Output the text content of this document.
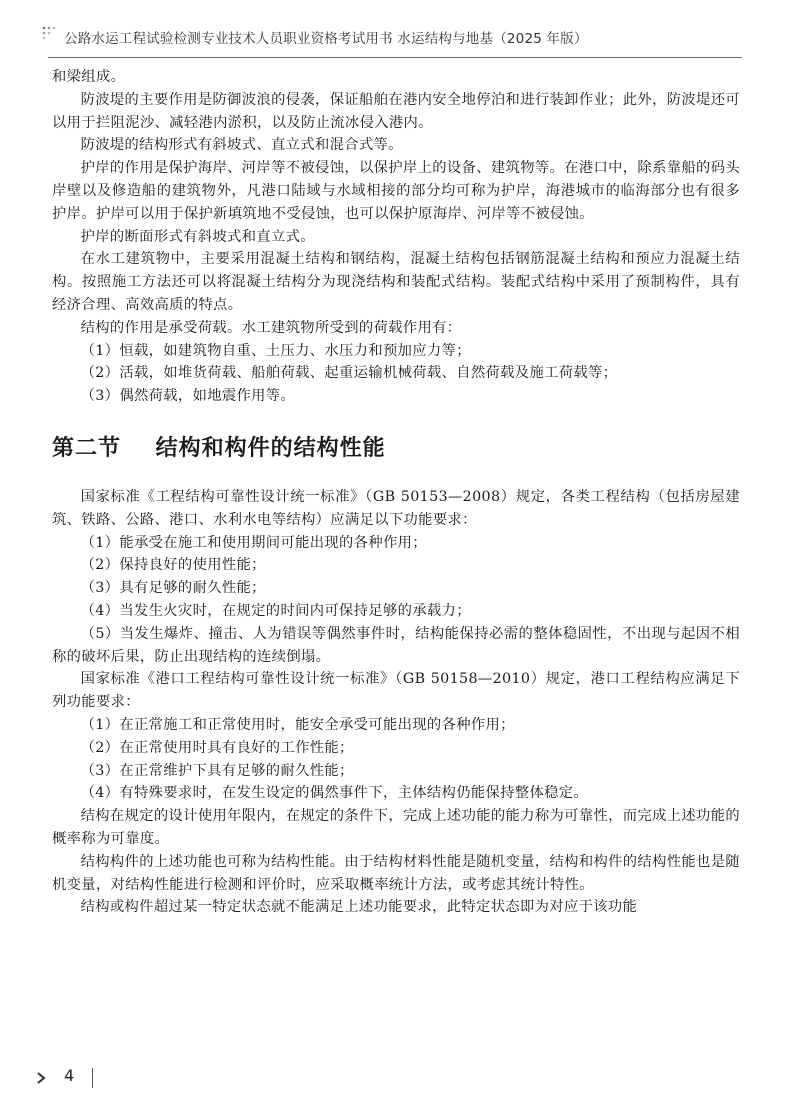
公路水运工程试验检测专业技术人员职业资格考试用书 水运结构与地基（2025 年版）

和梁组成。

防波堤的主要作用是防御波浪的侵袭，保证船舶在港内安全地停泊和进行装卸作业；此外，防波堤还可以用于拦阻泥沙、减轻港内淤积，以及防止流冰侵入港内。

防波堤的结构形式有斜坡式、直立式和混合式等。

护岸的作用是保护海岸、河岸等不被侵蚀，以保护岸上的设备、建筑物等。在港口中，除系靠船的码头岸壁以及修造船的建筑物外，凡港口陆域与水域相接的部分均可称为护岸，海港城市的临海部分也有很多护岸。护岸可以用于保护新填筑地不受侵蚀，也可以保护原海岸、河岸等不被侵蚀。

护岸的断面形式有斜坡式和直立式。

在水工建筑物中，主要采用混凝土结构和钢结构，混凝土结构包括钢筋混凝土结构和预应力混凝土结构。按照施工方法还可以将混凝土结构分为现浇结构和装配式结构。装配式结构中采用了预制构件，具有经济合理、高效高质的特点。

结构的作用是承受荷载。水工建筑物所受到的荷载作用有：

（1）恒载，如建筑物自重、土压力、水压力和预加应力等；

（2）活载，如堆货荷载、船舶荷载、起重运输机械荷载、自然荷载及施工荷载等；

（3）偶然荷载，如地震作用等。

第二节    结构和构件的结构性能

国家标准《工程结构可靠性设计统一标准》（GB 50153—2008）规定，各类工程结构（包括房屋建筑、铁路、公路、港口、水利水电等结构）应满足以下功能要求：

（1）能承受在施工和使用期间可能出现的各种作用；

（2）保持良好的使用性能；

（3）具有足够的耐久性能；

（4）当发生火灾时，在规定的时间内可保持足够的承载力；

（5）当发生爆炸、撞击、人为错误等偶然事件时，结构能保持必需的整体稳固性，不出现与起因不相称的破坏后果，防止出现结构的连续倒塌。

国家标准《港口工程结构可靠性设计统一标准》（GB 50158—2010）规定，港口工程结构应满足下列功能要求：

（1）在正常施工和正常使用时，能安全承受可能出现的各种作用；

（2）在正常使用时具有良好的工作性能；

（3）在正常维护下具有足够的耐久性能；

（4）有特殊要求时，在发生设定的偶然事件下，主体结构仍能保持整体稳定。

结构在规定的设计使用年限内，在规定的条件下，完成上述功能的能力称为可靠性，而完成上述功能的概率称为可靠度。

结构构件的上述功能也可称为结构性能。由于结构材料性能是随机变量，结构和构件的结构性能也是随机变量，对结构性能进行检测和评价时，应采取概率统计方法，或考虑其统计特性。

结构或构件超过某一特定状态就不能满足上述功能要求，此特定状态即为对应于该功能

4
